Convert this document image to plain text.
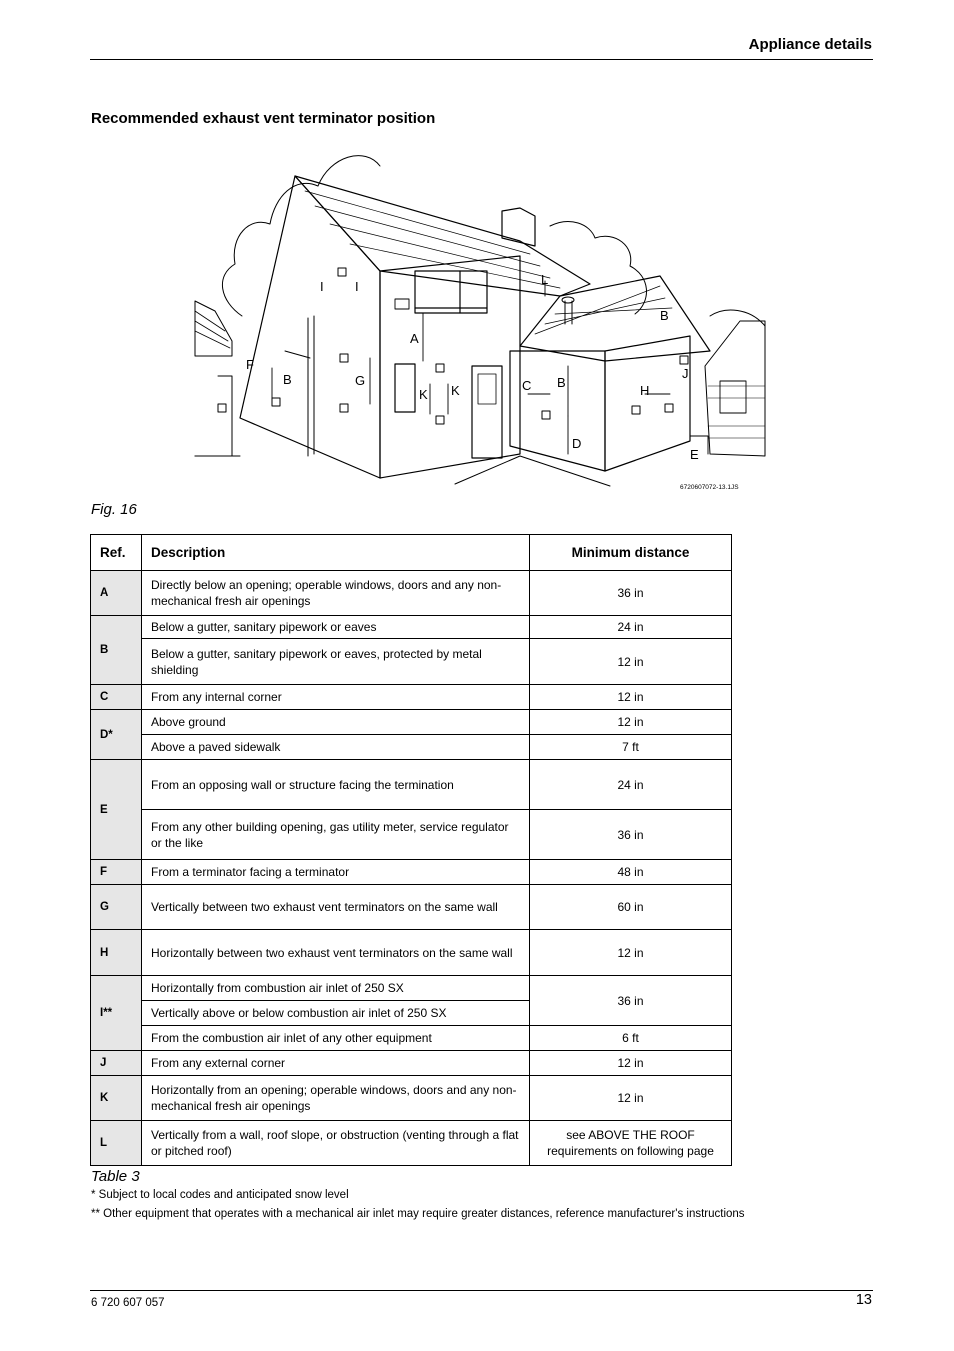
Appliance details
Recommended exhaust vent terminator position
A
B	B
B
C
D
E
F
G
H
I I
J
K K
L
6720607072-13.1JS
Fig. 16
Ref.	Description	Minimum distance
A	Directly below an opening; operable windows, doors and any non-mechanical fresh air openings	36 in
B	Below a gutter, sanitary pipework or eaves	24 in
	Below a gutter, sanitary pipework or eaves, protected by metal shielding	12 in
C	From any internal corner	12 in
D*	Above ground	12 in
	Above a paved sidewalk	7 ft
E	From an opposing wall or structure facing the termination	24 in
	From any other building opening, gas utility meter, service regulator or the like	36 in
F	From a terminator facing a terminator	48 in
G	Vertically between two exhaust vent terminators on the same wall	60 in
H	Horizontally between two exhaust vent terminators on the same wall	12 in
I**	Horizontally from combustion air inlet of 250 SX	36 in
	Vertically above or below combustion air inlet of 250 SX	
	From the combustion air inlet of any other equipment	6 ft
J	From any external corner	12 in
K	Horizontally from an opening; operable windows, doors and any non-mechanical fresh air openings	12 in
L	Vertically from a wall, roof slope, or obstruction (venting through a flat or pitched roof)	see ABOVE THE ROOF requirements on following page
Table 3
* Subject to local codes and anticipated snow level
** Other equipment that operates with a mechanical air inlet may require greater distances, reference manufacturer's instructions
6 720 607 057	13
